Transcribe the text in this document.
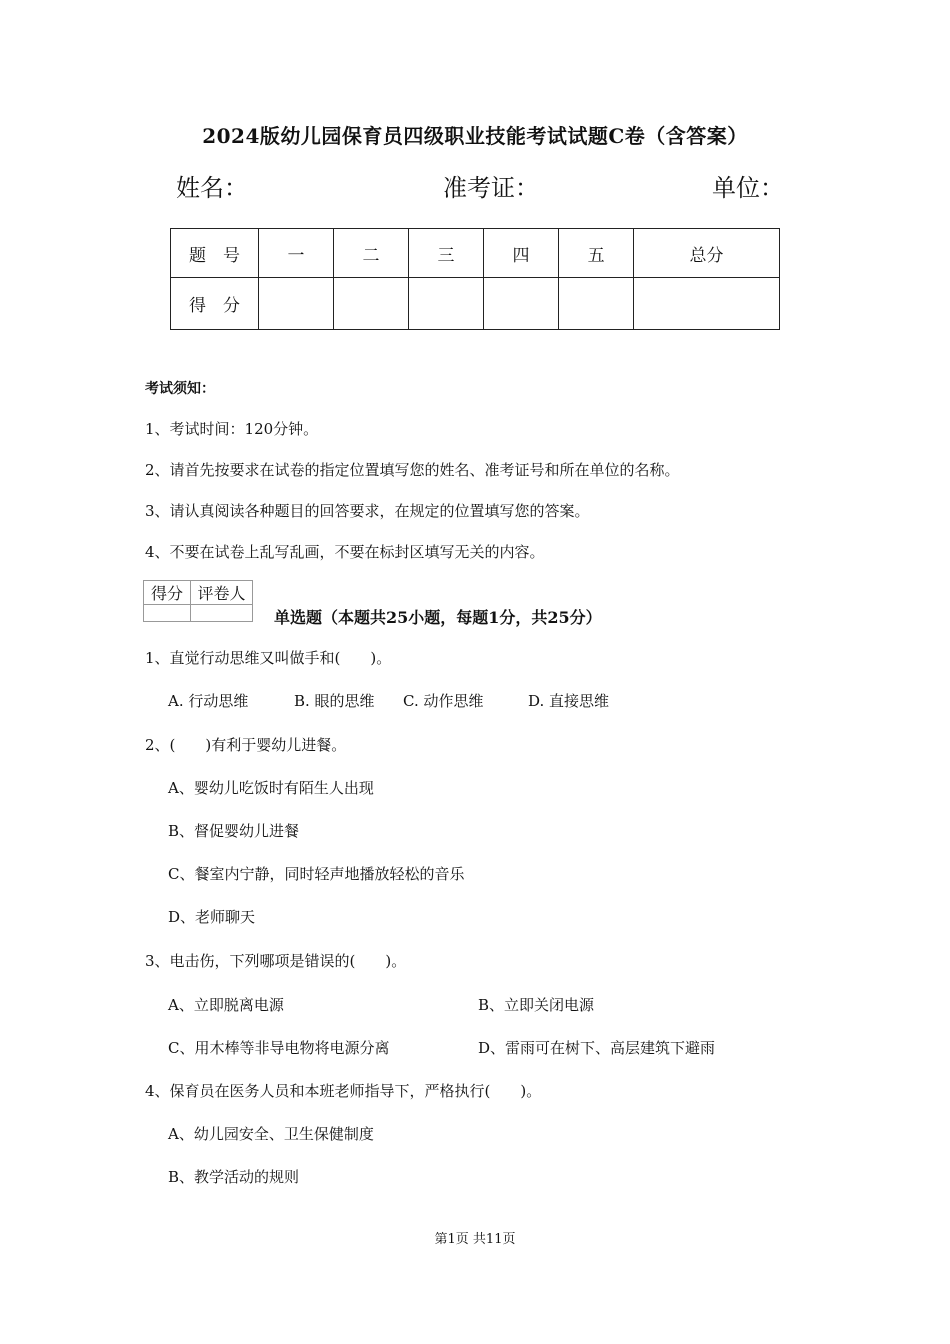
2024版幼儿园保育员四级职业技能考试试题C卷（含答案）
姓名：	准考证：	单位：
题　号	一	二	三	四	五	总分
得　分						
考试须知：
1、考试时间：120分钟。
2、请首先按要求在试卷的指定位置填写您的姓名、准考证号和所在单位的名称。
3、请认真阅读各种题目的回答要求，在规定的位置填写您的答案。
4、不要在试卷上乱写乱画，不要在标封区填写无关的内容。
得分	评卷人

单选题（本题共25小题，每题1分，共25分）
1、直觉行动思维又叫做手和(　　)。
A. 行动思维	B. 眼的思维 C. 动作思维	D. 直接思维
2、(　　)有利于婴幼儿进餐。
A、婴幼儿吃饭时有陌生人出现
B、督促婴幼儿进餐
C、餐室内宁静，同时轻声地播放轻松的音乐
D、老师聊天
3、电击伤，下列哪项是错误的(　　)。
A、立即脱离电源	B、立即关闭电源
C、用木棒等非导电物将电源分离	D、雷雨可在树下、高层建筑下避雨
4、保育员在医务人员和本班老师指导下，严格执行(　　)。
A、幼儿园安全、卫生保健制度
B、教学活动的规则
第1页 共11页
